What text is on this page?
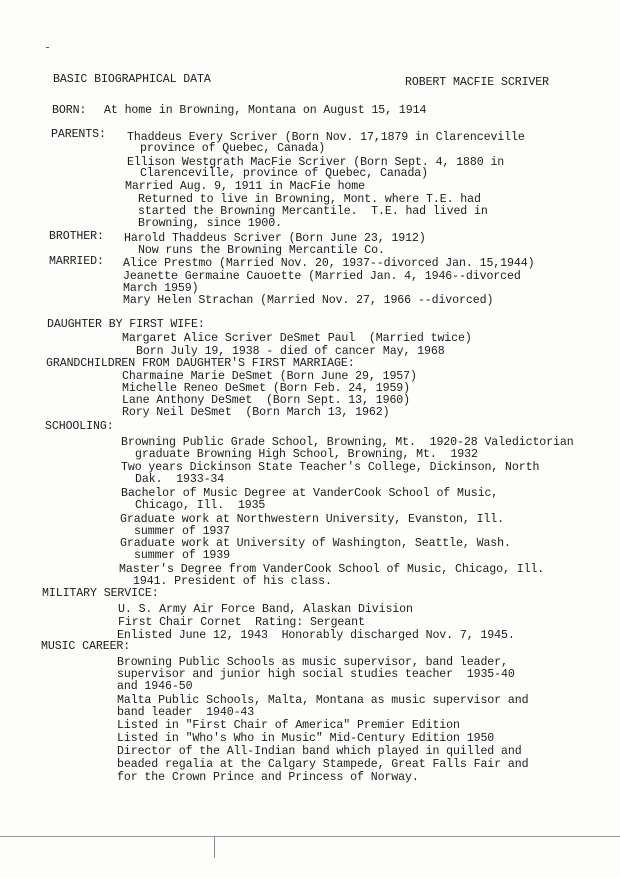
BASIC BIOGRAPHICAL DATA	ROBERT MACFIE SCRIVER
BORN: At home in Browning, Montana on August 15, 1914
PARENTS: Thaddeus Every Scriver (Born Nov. 17,1879 in Clarenceville
province of Quebec, Canada)
Ellison Westgrath MacFie Scriver (Born Sept. 4, 1880 in
Clarenceville, province of Quebec, Canada)
Married Aug. 9, 1911 in MacFie home
Returned to live in Browning, Mont. where T.E. had
started the Browning Mercantile.  T.E. had lived in
Browning, since 1900.
BROTHER: Harold Thaddeus Scriver (Born June 23, 1912)
Now runs the Browning Mercantile Co.
MARRIED: Alice Prestmo (Married Nov. 20, 1937--divorced Jan. 15,1944)
Jeanette Germaine Cauoette (Married Jan. 4, 1946--divorced
March 1959)
Mary Helen Strachan (Married Nov. 27, 1966 --divorced)
DAUGHTER BY FIRST WIFE:
Margaret Alice Scriver DeSmet Paul  (Married twice)
Born July 19, 1938 - died of cancer May, 1968
GRANDCHILDREN FROM DAUGHTER'S FIRST MARRIAGE:
Charmaine Marie DeSmet (Born June 29, 1957)
Michelle Reneo DeSmet (Born Feb. 24, 1959)
Lane Anthony DeSmet  (Born Sept. 13, 1960)
Rory Neil DeSmet  (Born March 13, 1962)
SCHOOLING:
Browning Public Grade School, Browning, Mt.  1920-28 Valedictorian
graduate Browning High School, Browning, Mt.  1932
Two years Dickinson State Teacher's College, Dickinson, North
Dak.  1933-34
Bachelor of Music Degree at VanderCook School of Music,
Chicago, Ill.  1935
Graduate work at Northwestern University, Evanston, Ill.
summer of 1937
Graduate work at University of Washington, Seattle, Wash.
summer of 1939
Master's Degree from VanderCook School of Music, Chicago, Ill.
1941. President of his class.
MILITARY SERVICE:
U. S. Army Air Force Band, Alaskan Division
First Chair Cornet  Rating: Sergeant
Enlisted June 12, 1943  Honorably discharged Nov. 7, 1945.
MUSIC CAREER:
Browning Public Schools as music supervisor, band leader,
supervisor and junior high social studies teacher  1935-40
and 1946-50
Malta Public Schools, Malta, Montana as music supervisor and
band leader  1940-43
Listed in "First Chair of America" Premier Edition
Listed in "Who's Who in Music" Mid-Century Edition 1950
Director of the All-Indian band which played in quilled and
beaded regalia at the Calgary Stampede, Great Falls Fair and
for the Crown Prince and Princess of Norway.
